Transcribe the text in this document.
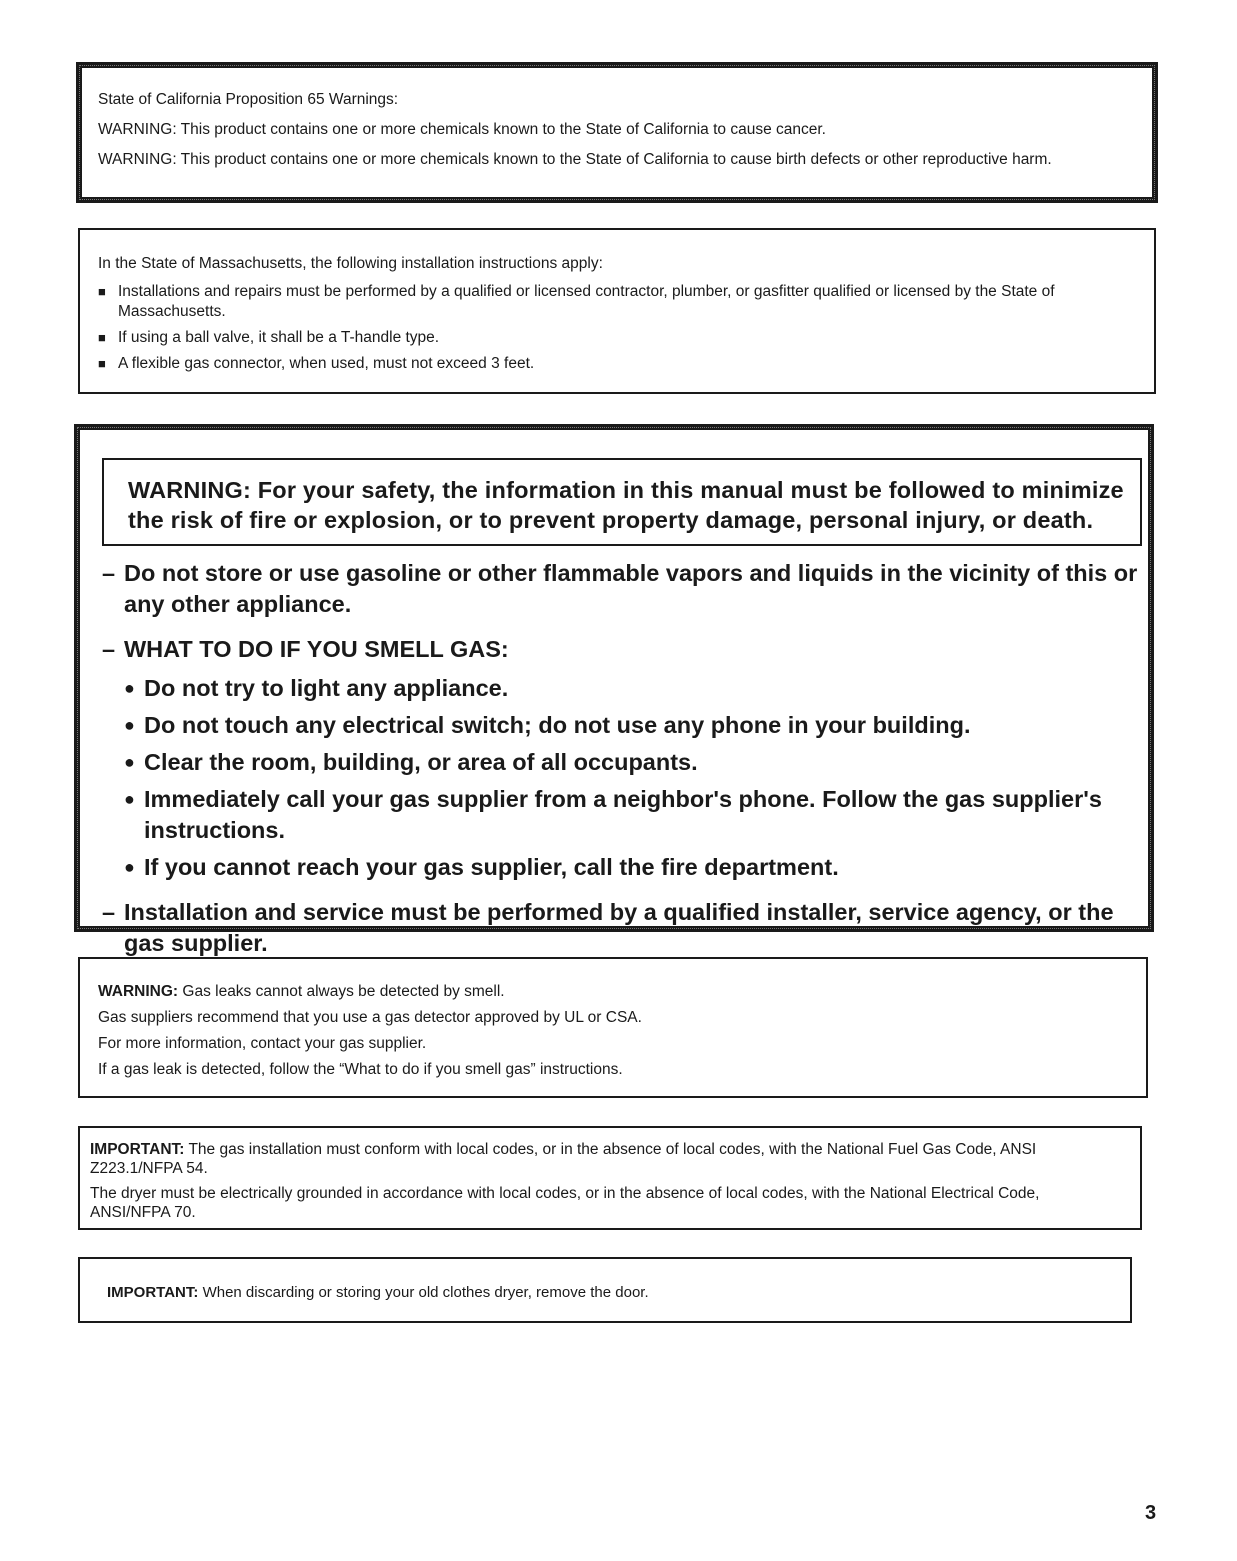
State of California Proposition 65 Warnings:

WARNING: This product contains one or more chemicals known to the State of California to cause cancer.

WARNING: This product contains one or more chemicals known to the State of California to cause birth defects or other reproductive harm.

In the State of Massachusetts, the following installation instructions apply:

■ Installations and repairs must be performed by a qualified or licensed contractor, plumber, or gasfitter qualified or licensed by the State of Massachusetts.
■ If using a ball valve, it shall be a T-handle type.
■ A flexible gas connector, when used, must not exceed 3 feet.

WARNING: For your safety, the information in this manual must be followed to minimize

the risk of fire or explosion, or to prevent property damage, personal injury, or death.

– Do not store or use gasoline or other flammable vapors and liquids in the vicinity of this or any other appliance.
– WHAT TO DO IF YOU SMELL GAS:
● Do not try to light any appliance.
● Do not touch any electrical switch; do not use any phone in your building.
● Clear the room, building, or area of all occupants.
● Immediately call your gas supplier from a neighbor's phone. Follow the gas supplier's instructions.
● If you cannot reach your gas supplier, call the fire department.
– Installation and service must be performed by a qualified installer, service agency, or the gas supplier.

WARNING: Gas leaks cannot always be detected by smell.

Gas suppliers recommend that you use a gas detector approved by UL or CSA.

For more information, contact your gas supplier.

If a gas leak is detected, follow the “What to do if you smell gas” instructions.

IMPORTANT: The gas installation must conform with local codes, or in the absence of local codes, with the National Fuel Gas Code, ANSI Z223.1/NFPA 54.

The dryer must be electrically grounded in accordance with local codes, or in the absence of local codes, with the National Electrical Code, ANSI/NFPA 70.

IMPORTANT: When discarding or storing your old clothes dryer, remove the door.

3
